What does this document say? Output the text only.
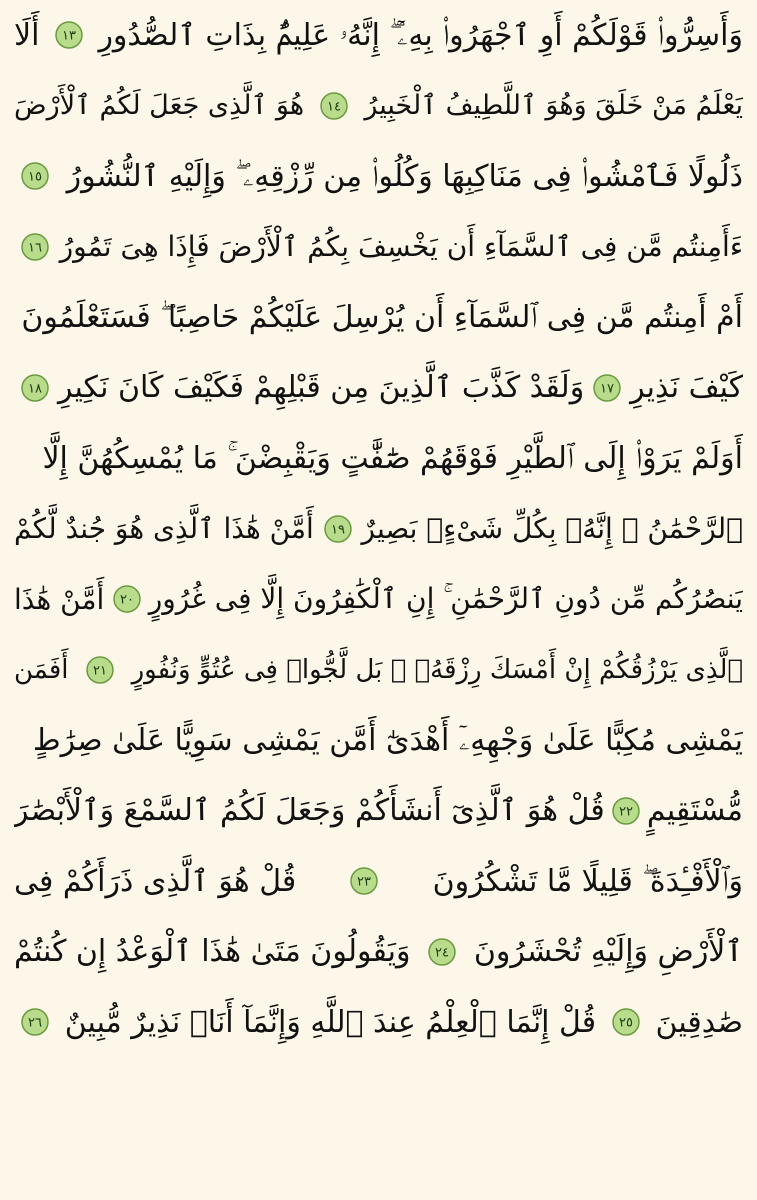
وَأَسِرُّوا۟ قَوْلَكُمْ أَوِ ٱجْهَرُوا۟ بِهِۦٓ ۖ إِنَّهُۥ عَلِيمٌۢ بِذَاتِ ٱلصُّدُورِ
١٣
أَلَا
يَعْلَمُ مَنْ خَلَقَ وَهُوَ ٱللَّطِيفُ ٱلْخَبِيرُ
١٤
هُوَ ٱلَّذِى جَعَلَ لَكُمُ ٱلْأَرْضَ
ذَلُولًا فَٱمْشُوا۟ فِى مَنَاكِبِهَا وَكُلُوا۟ مِن رِّزْقِهِۦ ۖ وَإِلَيْهِ ٱلنُّشُورُ
١٥
ءَأَمِنتُم مَّن فِى ٱلسَّمَآءِ أَن يَخْسِفَ بِكُمُ ٱلْأَرْضَ فَإِذَا هِىَ تَمُورُ
١٦
أَمْ أَمِنتُم مَّن فِى ٱلسَّمَآءِ أَن يُرْسِلَ عَلَيْكُمْ حَاصِبًا ۖ فَسَتَعْلَمُونَ
كَيْفَ نَذِيرِ
١٧
وَلَقَدْ كَذَّبَ ٱلَّذِينَ مِن قَبْلِهِمْ فَكَيْفَ كَانَ نَكِيرِ
١٨
أَوَلَمْ يَرَوْا۟ إِلَى ٱلطَّيْرِ فَوْقَهُمْ صَٰٓفَّٰتٍ وَيَقْبِضْنَ ۚ مَا يُمْسِكُهُنَّ إِلَّا
ٱلرَّحْمَٰنُ ۚ إِنَّهُۥ بِكُلِّ شَىْءٍۭ بَصِيرٌ
١٩
أَمَّنْ هَٰذَا ٱلَّذِى هُوَ جُندٌ لَّكُمْ
يَنصُرُكُم مِّن دُونِ ٱلرَّحْمَٰنِ ۚ إِنِ ٱلْكَٰفِرُونَ إِلَّا فِى غُرُورٍ
٢٠
أَمَّنْ هَٰذَا
ٱلَّذِى يَرْزُقُكُمْ إِنْ أَمْسَكَ رِزْقَهُۥ ۚ بَل لَّجُّوا۟ فِى عُتُوٍّ وَنُفُورٍ
٢١
أَفَمَن
يَمْشِى مُكِبًّا عَلَىٰ وَجْهِهِۦٓ أَهْدَىٰٓ أَمَّن يَمْشِى سَوِيًّا عَلَىٰ صِرَٰطٍ
مُّسْتَقِيمٍ
٢٢
قُلْ هُوَ ٱلَّذِىٓ أَنشَأَكُمْ وَجَعَلَ لَكُمُ ٱلسَّمْعَ وَٱلْأَبْصَٰرَ
وَٱلْأَفْـِٔدَةَ ۖ قَلِيلًا مَّا تَشْكُرُونَ
٢٣
قُلْ هُوَ ٱلَّذِى ذَرَأَكُمْ فِى
ٱلْأَرْضِ وَإِلَيْهِ تُحْشَرُونَ
٢٤
وَيَقُولُونَ مَتَىٰ هَٰذَا ٱلْوَعْدُ إِن كُنتُمْ
صَٰدِقِينَ
٢٥
قُلْ إِنَّمَا ٱلْعِلْمُ عِندَ ٱللَّهِ وَإِنَّمَآ أَنَا۠ نَذِيرٌ مُّبِينٌ
٢٦
